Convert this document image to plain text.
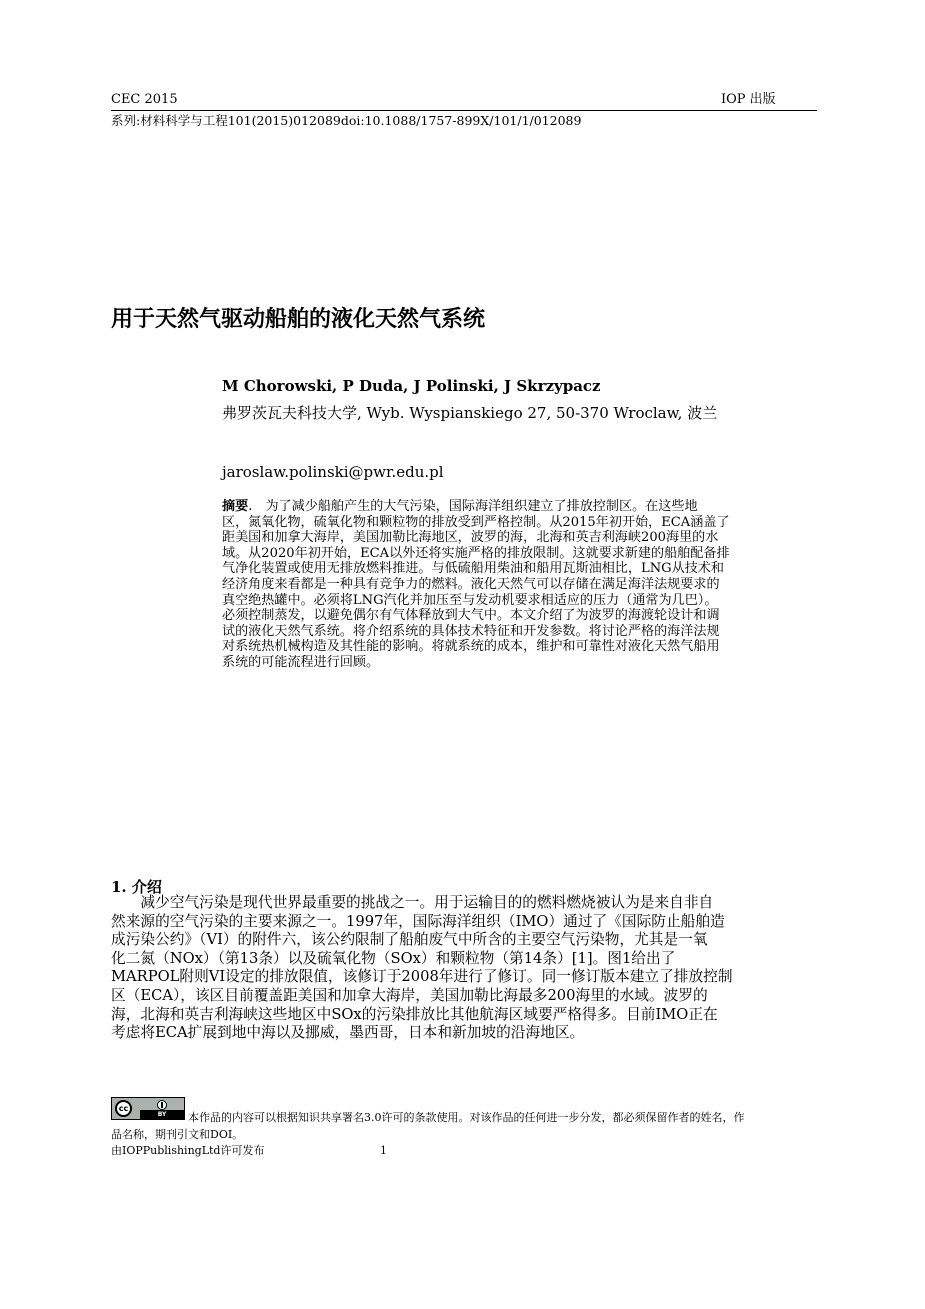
CEC 2015	IOP 出版
系列:材料科学与工程101(2015)012089doi:10.1088/1757-899X/101/1/012089
用于天然气驱动船舶的液化天然气系统
M Chorowski, P Duda, J Polinski, J Skrzypacz
弗罗茨瓦夫科技大学, Wyb. Wyspianskiego 27, 50-370 Wroclaw, 波兰
jaroslaw.polinski@pwr.edu.pl
摘要.　为了减少船舶产生的大气污染，国际海洋组织建立了排放控制区。在这些地
区，氮氧化物，硫氧化物和颗粒物的排放受到严格控制。从2015年初开始，ECA涵盖了
距美国和加拿大海岸，美国加勒比海地区，波罗的海，北海和英吉利海峡200海里的水
域。从2020年初开始，ECA以外还将实施严格的排放限制。这就要求新建的船舶配备排
气净化装置或使用无排放燃料推进。与低硫船用柴油和船用瓦斯油相比，LNG从技术和
经济角度来看都是一种具有竞争力的燃料。液化天然气可以存储在满足海洋法规要求的
真空绝热罐中。必须将LNG汽化并加压至与发动机要求相适应的压力（通常为几巴）。
必须控制蒸发，以避免偶尔有气体释放到大气中。本文介绍了为波罗的海渡轮设计和调
试的液化天然气系统。将介绍系统的具体技术特征和开发参数。将讨论严格的海洋法规
对系统热机械构造及其性能的影响。将就系统的成本，维护和可靠性对液化天然气船用
系统的可能流程进行回顾。
1. 介绍
　　减少空气污染是现代世界最重要的挑战之一。用于运输目的的燃料燃烧被认为是来自非自
然来源的空气污染的主要来源之一。1997年，国际海洋组织（IMO）通过了《国际防止船舶造
成污染公约》（VI）的附件六，该公约限制了船舶废气中所含的主要空气污染物，尤其是一氧
化二氮（NOx）（第13条）以及硫氧化物（SOx）和颗粒物（第14条）[1]。图1给出了
MARPOL附则VI设定的排放限值，该修订于2008年进行了修订。同一修订版本建立了排放控制
区（ECA），该区目前覆盖距美国和加拿大海岸，美国加勒比海最多200海里的水域。波罗的
海，北海和英吉利海峡这些地区中SOx的污染排放比其他航海区域要严格得多。目前IMO正在
考虑将ECA扩展到地中海以及挪威，墨西哥，日本和新加坡的沿海地区。
cc
BY	本作品的内容可以根据知识共享署名3.0许可的条款使用。对该作品的任何进一步分发，都必须保留作者的姓名，作
品名称，期刊引文和DOI。
由IOPPublishingLtd许可发布	1
